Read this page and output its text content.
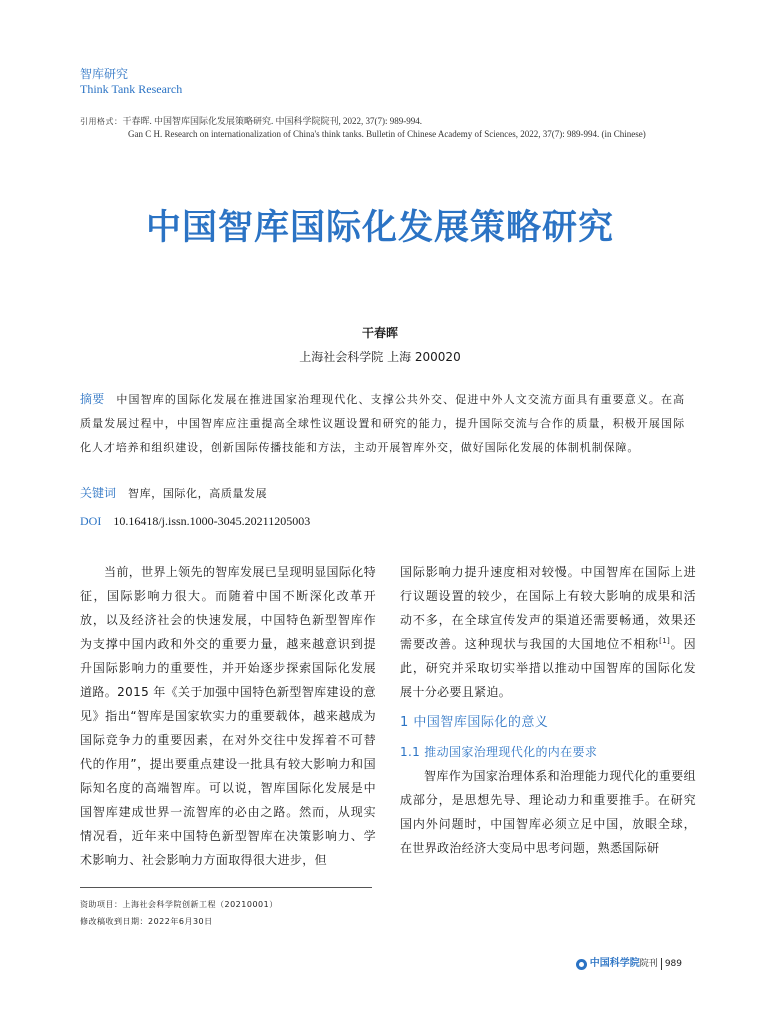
智库研究
Think Tank Research
引用格式：干春晖. 中国智库国际化发展策略研究. 中国科学院院刊, 2022, 37(7): 989-994.
Gan C H. Research on internationalization of China's think tanks. Bulletin of Chinese Academy of Sciences, 2022, 37(7): 989-994. (in Chinese)
中国智库国际化发展策略研究
干春晖
上海社会科学院 上海 200020
摘要 中国智库的国际化发展在推进国家治理现代化、支撑公共外交、促进中外人文交流方面具有重要意义。在高质量发展过程中，中国智库应注重提高全球性议题设置和研究的能力，提升国际交流与合作的质量，积极开展国际化人才培养和组织建设，创新国际传播技能和方法，主动开展智库外交，做好国际化发展的体制机制保障。
关键词 智库，国际化，高质量发展
DOI 10.16418/j.issn.1000-3045.20211205003

当前，世界上领先的智库发展已呈现明显国际化特征，国际影响力很大。而随着中国不断深化改革开放，以及经济社会的快速发展，中国特色新型智库作为支撑中国内政和外交的重要力量，越来越意识到提升国际影响力的重要性，并开始逐步探索国际化发展道路。2015 年《关于加强中国特色新型智库建设的意见》指出“智库是国家软实力的重要载体，越来越成为国际竞争力的重要因素，在对外交往中发挥着不可替代的作用”，提出要重点建设一批具有较大影响力和国际知名度的高端智库。可以说，智库国际化发展是中国智库建成世界一流智库的必由之路。然而，从现实情况看，近年来中国特色新型智库在决策影响力、学术影响力、社会影响力方面取得很大进步，但

国际影响力提升速度相对较慢。中国智库在国际上进行议题设置的较少，在国际上有较大影响的成果和活动不多，在全球宣传发声的渠道还需要畅通，效果还需要改善。这种现状与我国的大国地位不相称[1]。因此，研究并采取切实举措以推动中国智库的国际化发展十分必要且紧迫。

1 中国智库国际化的意义
1.1 推动国家治理现代化的内在要求

智库作为国家治理体系和治理能力现代化的重要组成部分，是思想先导、理论动力和重要推手。在研究国内外问题时，中国智库必须立足中国，放眼全球，在世界政治经济大变局中思考问题，熟悉国际研

资助项目：上海社会科学院创新工程（20210001）
修改稿收到日期：2022年6月30日
中国科学院 院刊 989
